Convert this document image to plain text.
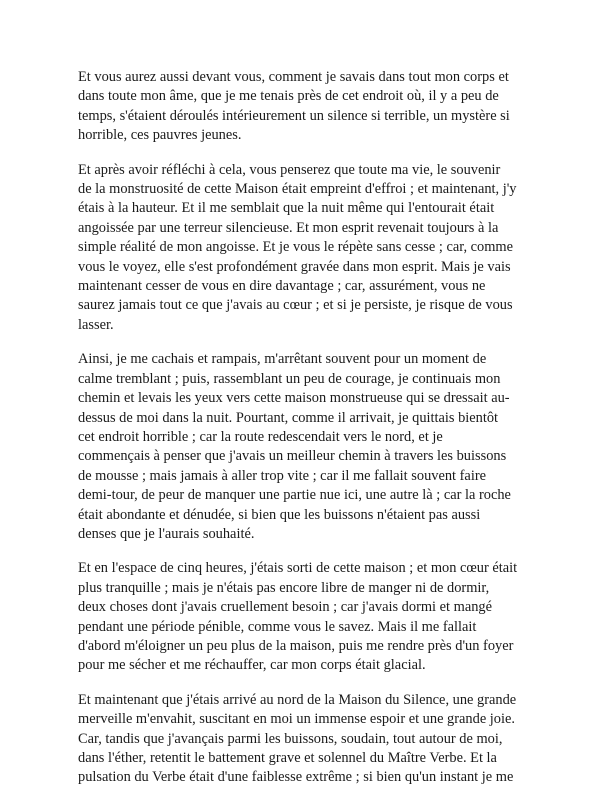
Et vous aurez aussi devant vous, comment je savais dans tout mon corps et
dans toute mon âme, que je me tenais près de cet endroit où, il y a peu de
temps, s'étaient déroulés intérieurement un silence si terrible, un mystère si
horrible, ces pauvres jeunes.

Et après avoir réfléchi à cela, vous penserez que toute ma vie, le souvenir
de la monstruosité de cette Maison était empreint d'effroi ; et maintenant, j'y
étais à la hauteur. Et il me semblait que la nuit même qui l'entourait était
angoissée par une terreur silencieuse. Et mon esprit revenait toujours à la
simple réalité de mon angoisse. Et je vous le répète sans cesse ; car, comme
vous le voyez, elle s'est profondément gravée dans mon esprit. Mais je vais
maintenant cesser de vous en dire davantage ; car, assurément, vous ne
saurez jamais tout ce que j'avais au cœur ; et si je persiste, je risque de vous
lasser.

Ainsi, je me cachais et rampais, m'arrêtant souvent pour un moment de
calme tremblant ; puis, rassemblant un peu de courage, je continuais mon
chemin et levais les yeux vers cette maison monstrueuse qui se dressait au-
dessus de moi dans la nuit. Pourtant, comme il arrivait, je quittais bientôt
cet endroit horrible ; car la route redescendait vers le nord, et je
commençais à penser que j'avais un meilleur chemin à travers les buissons
de mousse ; mais jamais à aller trop vite ; car il me fallait souvent faire
demi-tour, de peur de manquer une partie nue ici, une autre là ; car la roche
était abondante et dénudée, si bien que les buissons n'étaient pas aussi
denses que je l'aurais souhaité.

Et en l'espace de cinq heures, j'étais sorti de cette maison ; et mon cœur était
plus tranquille ; mais je n'étais pas encore libre de manger ni de dormir,
deux choses dont j'avais cruellement besoin ; car j'avais dormi et mangé
pendant une période pénible, comme vous le savez. Mais il me fallait
d'abord m'éloigner un peu plus de la maison, puis me rendre près d'un foyer
pour me sécher et me réchauffer, car mon corps était glacial.

Et maintenant que j'étais arrivé au nord de la Maison du Silence, une grande
merveille m'envahit, suscitant en moi un immense espoir et une grande joie.
Car, tandis que j'avançais parmi les buissons, soudain, tout autour de moi,
dans l'éther, retentit le battement grave et solennel du Maître Verbe. Et la
pulsation du Verbe était d'une faiblesse extrême ; si bien qu'un instant je me
